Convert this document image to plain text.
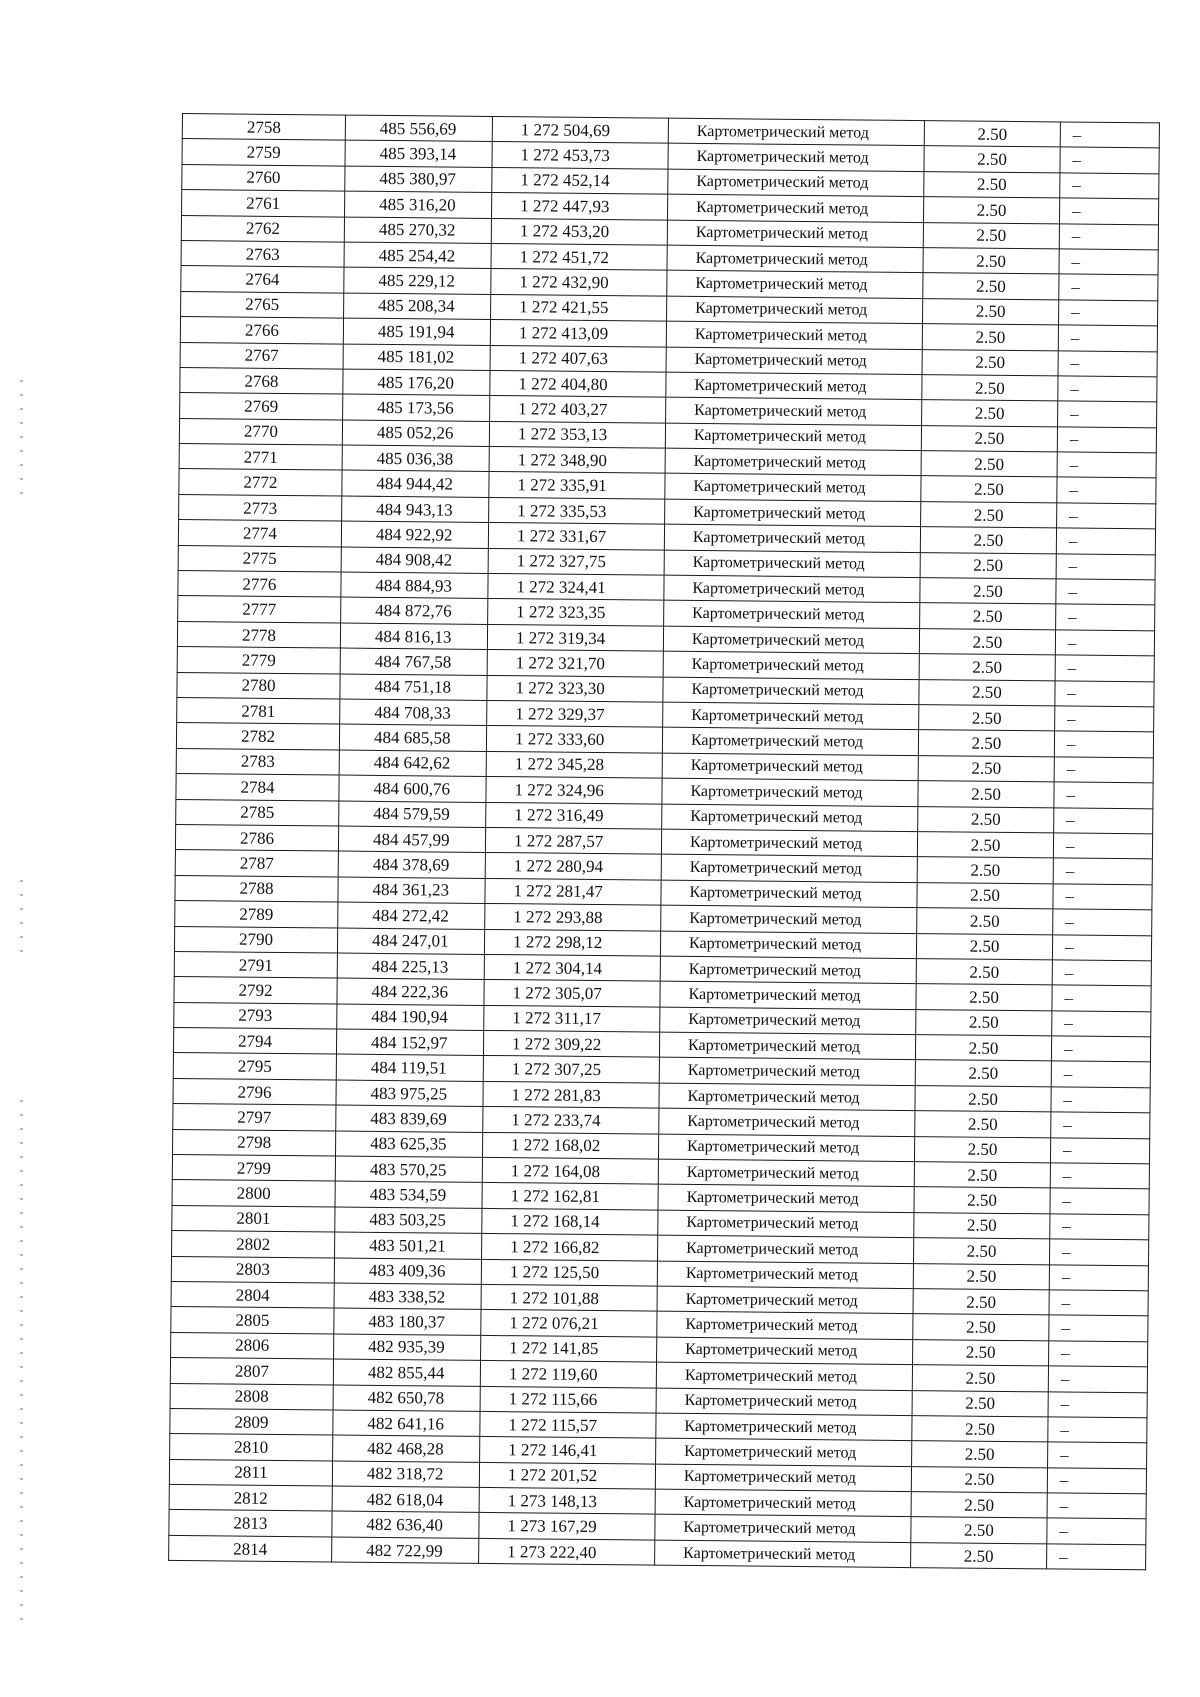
2758	485 556,69	1 272 504,69	Картометрический метод	2.50	–
2759	485 393,14	1 272 453,73	Картометрический метод	2.50	–
2760	485 380,97	1 272 452,14	Картометрический метод	2.50	–
2761	485 316,20	1 272 447,93	Картометрический метод	2.50	–
2762	485 270,32	1 272 453,20	Картометрический метод	2.50	–
2763	485 254,42	1 272 451,72	Картометрический метод	2.50	–
2764	485 229,12	1 272 432,90	Картометрический метод	2.50	–
2765	485 208,34	1 272 421,55	Картометрический метод	2.50	–
2766	485 191,94	1 272 413,09	Картометрический метод	2.50	–
2767	485 181,02	1 272 407,63	Картометрический метод	2.50	–
2768	485 176,20	1 272 404,80	Картометрический метод	2.50	–
2769	485 173,56	1 272 403,27	Картометрический метод	2.50	–
2770	485 052,26	1 272 353,13	Картометрический метод	2.50	–
2771	485 036,38	1 272 348,90	Картометрический метод	2.50	–
2772	484 944,42	1 272 335,91	Картометрический метод	2.50	–
2773	484 943,13	1 272 335,53	Картометрический метод	2.50	–
2774	484 922,92	1 272 331,67	Картометрический метод	2.50	–
2775	484 908,42	1 272 327,75	Картометрический метод	2.50	–
2776	484 884,93	1 272 324,41	Картометрический метод	2.50	–
2777	484 872,76	1 272 323,35	Картометрический метод	2.50	–
2778	484 816,13	1 272 319,34	Картометрический метод	2.50	–
2779	484 767,58	1 272 321,70	Картометрический метод	2.50	–
2780	484 751,18	1 272 323,30	Картометрический метод	2.50	–
2781	484 708,33	1 272 329,37	Картометрический метод	2.50	–
2782	484 685,58	1 272 333,60	Картометрический метод	2.50	–
2783	484 642,62	1 272 345,28	Картометрический метод	2.50	–
2784	484 600,76	1 272 324,96	Картометрический метод	2.50	–
2785	484 579,59	1 272 316,49	Картометрический метод	2.50	–
2786	484 457,99	1 272 287,57	Картометрический метод	2.50	–
2787	484 378,69	1 272 280,94	Картометрический метод	2.50	–
2788	484 361,23	1 272 281,47	Картометрический метод	2.50	–
2789	484 272,42	1 272 293,88	Картометрический метод	2.50	–
2790	484 247,01	1 272 298,12	Картометрический метод	2.50	–
2791	484 225,13	1 272 304,14	Картометрический метод	2.50	–
2792	484 222,36	1 272 305,07	Картометрический метод	2.50	–
2793	484 190,94	1 272 311,17	Картометрический метод	2.50	–
2794	484 152,97	1 272 309,22	Картометрический метод	2.50	–
2795	484 119,51	1 272 307,25	Картометрический метод	2.50	–
2796	483 975,25	1 272 281,83	Картометрический метод	2.50	–
2797	483 839,69	1 272 233,74	Картометрический метод	2.50	–
2798	483 625,35	1 272 168,02	Картометрический метод	2.50	–
2799	483 570,25	1 272 164,08	Картометрический метод	2.50	–
2800	483 534,59	1 272 162,81	Картометрический метод	2.50	–
2801	483 503,25	1 272 168,14	Картометрический метод	2.50	–
2802	483 501,21	1 272 166,82	Картометрический метод	2.50	–
2803	483 409,36	1 272 125,50	Картометрический метод	2.50	–
2804	483 338,52	1 272 101,88	Картометрический метод	2.50	–
2805	483 180,37	1 272 076,21	Картометрический метод	2.50	–
2806	482 935,39	1 272 141,85	Картометрический метод	2.50	–
2807	482 855,44	1 272 119,60	Картометрический метод	2.50	–
2808	482 650,78	1 272 115,66	Картометрический метод	2.50	–
2809	482 641,16	1 272 115,57	Картометрический метод	2.50	–
2810	482 468,28	1 272 146,41	Картометрический метод	2.50	–
2811	482 318,72	1 272 201,52	Картометрический метод	2.50	–
2812	482 618,04	1 273 148,13	Картометрический метод	2.50	–
2813	482 636,40	1 273 167,29	Картометрический метод	2.50	–
2814	482 722,99	1 273 222,40	Картометрический метод	2.50	–
